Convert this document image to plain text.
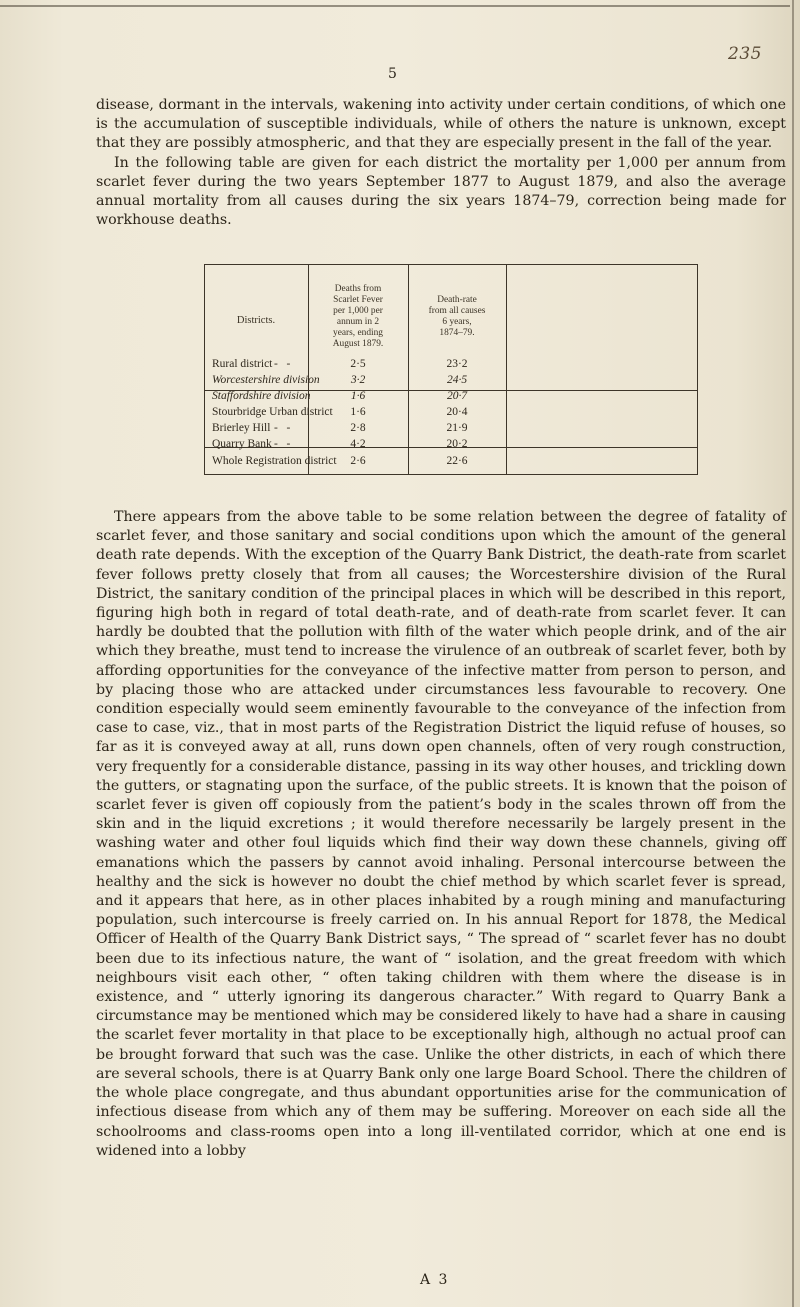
235
5

disease, dormant in the intervals, wakening into activity under certain conditions, of which one is the accumulation of susceptible individuals, while of others the nature is unknown, except that they are possibly atmospheric, and that they are especially present in the fall of the year.

In the following table are given for each district the mortality per 1,000 per annum from scarlet fever during the two years September 1877 to August 1879, and also the average annual mortality from all causes during the six years 1874–79, correction being made for workhouse deaths.

Districts.
Deaths from
Scarlet Fever
per 1,000 per
annum in 2
years, ending
August 1879.
Death-rate
from all causes
6 years,
1874–79.
Rural district -   -	2·5	23·2
Worcestershire division	3·2	24·5
Staffordshire division	1·6	20·7
Stourbridge Urban district	1·6	20·4
Brierley Hill -   -	2·8	21·9
Quarry Bank -   -	4·2	20·2
Whole Registration district	2·6	22·6

There appears from the above table to be some relation between the degree of fatality of scarlet fever, and those sanitary and social conditions upon which the amount of the general death rate depends. With the exception of the Quarry Bank District, the death-rate from scarlet fever follows pretty closely that from all causes; the Worcestershire division of the Rural District, the sanitary condition of the principal places in which will be described in this report, figuring high both in regard of total death-rate, and of death-rate from scarlet fever. It can hardly be doubted that the pollution with filth of the water which people drink, and of the air which they breathe, must tend to increase the virulence of an outbreak of scarlet fever, both by affording opportunities for the conveyance of the infective matter from person to person, and by placing those who are attacked under circumstances less favourable to recovery. One condition especially would seem eminently favourable to the conveyance of the infection from case to case, viz., that in most parts of the Registration District the liquid refuse of houses, so far as it is conveyed away at all, runs down open channels, often of very rough construction, very frequently for a considerable distance, passing in its way other houses, and trickling down the gutters, or stagnating upon the surface, of the public streets. It is known that the poison of scarlet fever is given off copiously from the patient’s body in the scales thrown off from the skin and in the liquid excretions ; it would therefore necessarily be largely present in the washing water and other foul liquids which find their way down these channels, giving off emanations which the passers by cannot avoid inhaling. Personal intercourse between the healthy and the sick is however no doubt the chief method by which scarlet fever is spread, and it appears that here, as in other places inhabited by a rough mining and manufacturing population, such intercourse is freely carried on. In his annual Report for 1878, the Medical Officer of Health of the Quarry Bank District says, “ The spread of “ scarlet fever has no doubt been due to its infectious nature, the want of “ isolation, and the great freedom with which neighbours visit each other, “ often taking children with them where the disease is in existence, and “ utterly ignoring its dangerous character.” With regard to Quarry Bank a circumstance may be mentioned which may be considered likely to have had a share in causing the scarlet fever mortality in that place to be exceptionally high, although no actual proof can be brought forward that such was the case. Unlike the other districts, in each of which there are several schools, there is at Quarry Bank only one large Board School. There the children of the whole place congregate, and thus abundant opportunities arise for the communication of infectious disease from which any of them may be suffering. Moreover on each side all the schoolrooms and class-rooms open into a long ill-ventilated corridor, which at one end is widened into a lobby

A 3
